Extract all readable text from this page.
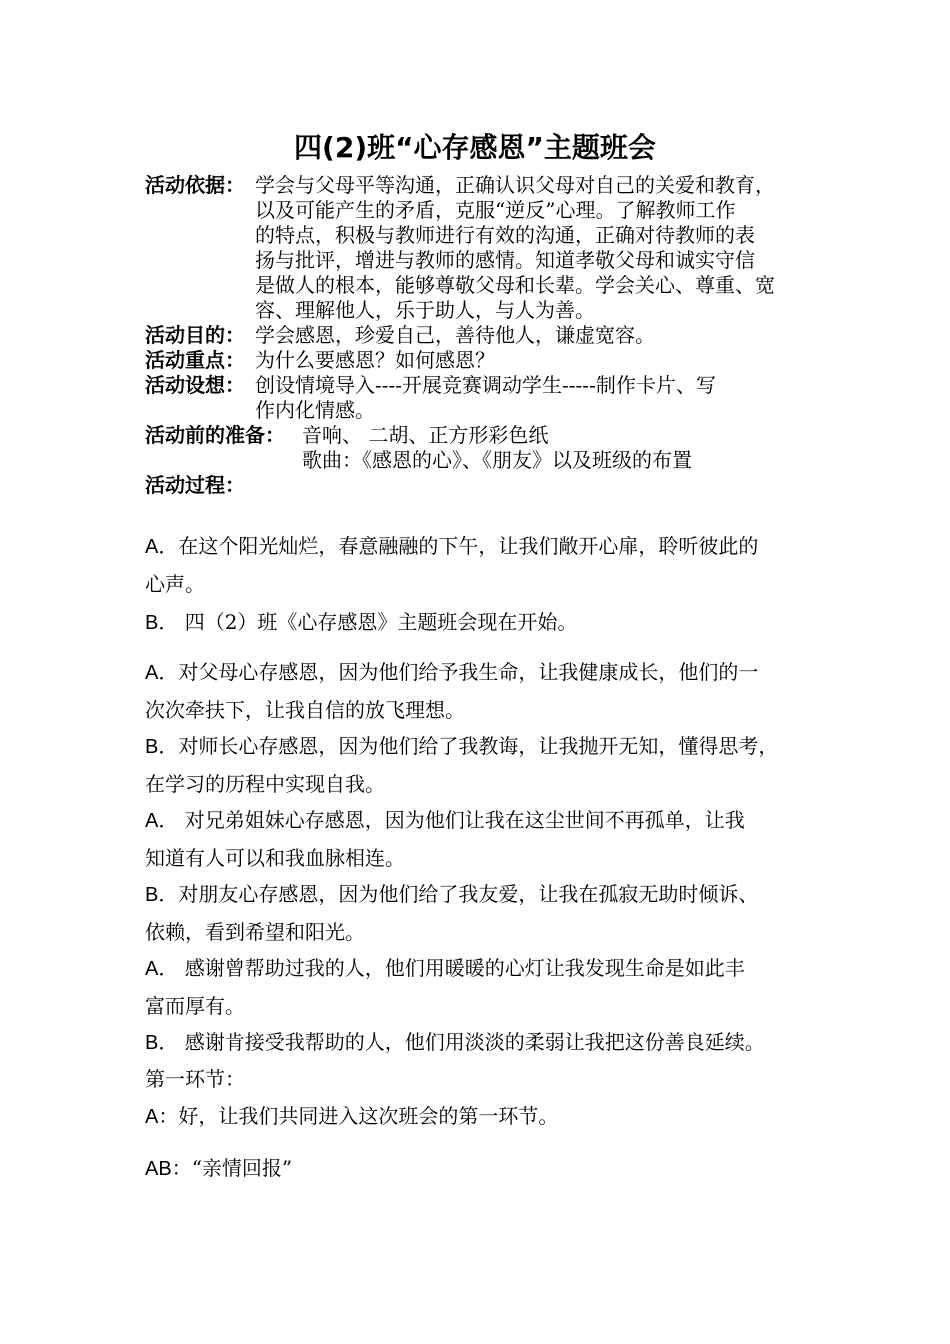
四(2)班“心存感恩”主题班会
活动依据： 学会与父母平等沟通，正确认识父母对自己的关爱和教育，
以及可能产生的矛盾，克服“逆反”心理。了解教师工作
的特点，积极与教师进行有效的沟通，正确对待教师的表
扬与批评，增进与教师的感情。知道孝敬父母和诚实守信
是做人的根本，能够尊敬父母和长辈。学会关心、尊重、宽
容、理解他人，乐于助人，与人为善。
活动目的： 学会感恩，珍爱自己，善待他人，谦虚宽容。
活动重点： 为什么要感恩？如何感恩？
活动设想： 创设情境导入----开展竞赛调动学生-----制作卡片、写
作内化情感。
活动前的准备： 音响、 二胡、正方形彩色纸
歌曲：《感恩的心》、《朋友》以及班级的布置
活动过程：
A．在这个阳光灿烂，春意融融的下午，让我们敞开心扉，聆听彼此的
心声。
B． 四（2）班《心存感恩》主题班会现在开始。
A．对父母心存感恩，因为他们给予我生命，让我健康成长，他们的一
次次牵扶下，让我自信的放飞理想。
B．对师长心存感恩，因为他们给了我教诲，让我抛开无知，懂得思考，
在学习的历程中实现自我。
A． 对兄弟姐妹心存感恩，因为他们让我在这尘世间不再孤单，让我
知道有人可以和我血脉相连。
B．对朋友心存感恩，因为他们给了我友爱，让我在孤寂无助时倾诉、
依赖，看到希望和阳光。
A． 感谢曾帮助过我的人，他们用暖暖的心灯让我发现生命是如此丰
富而厚有。
B． 感谢肯接受我帮助的人，他们用淡淡的柔弱让我把这份善良延续。
第一环节：
A：好，让我们共同进入这次班会的第一环节。
AB：“亲情回报”
